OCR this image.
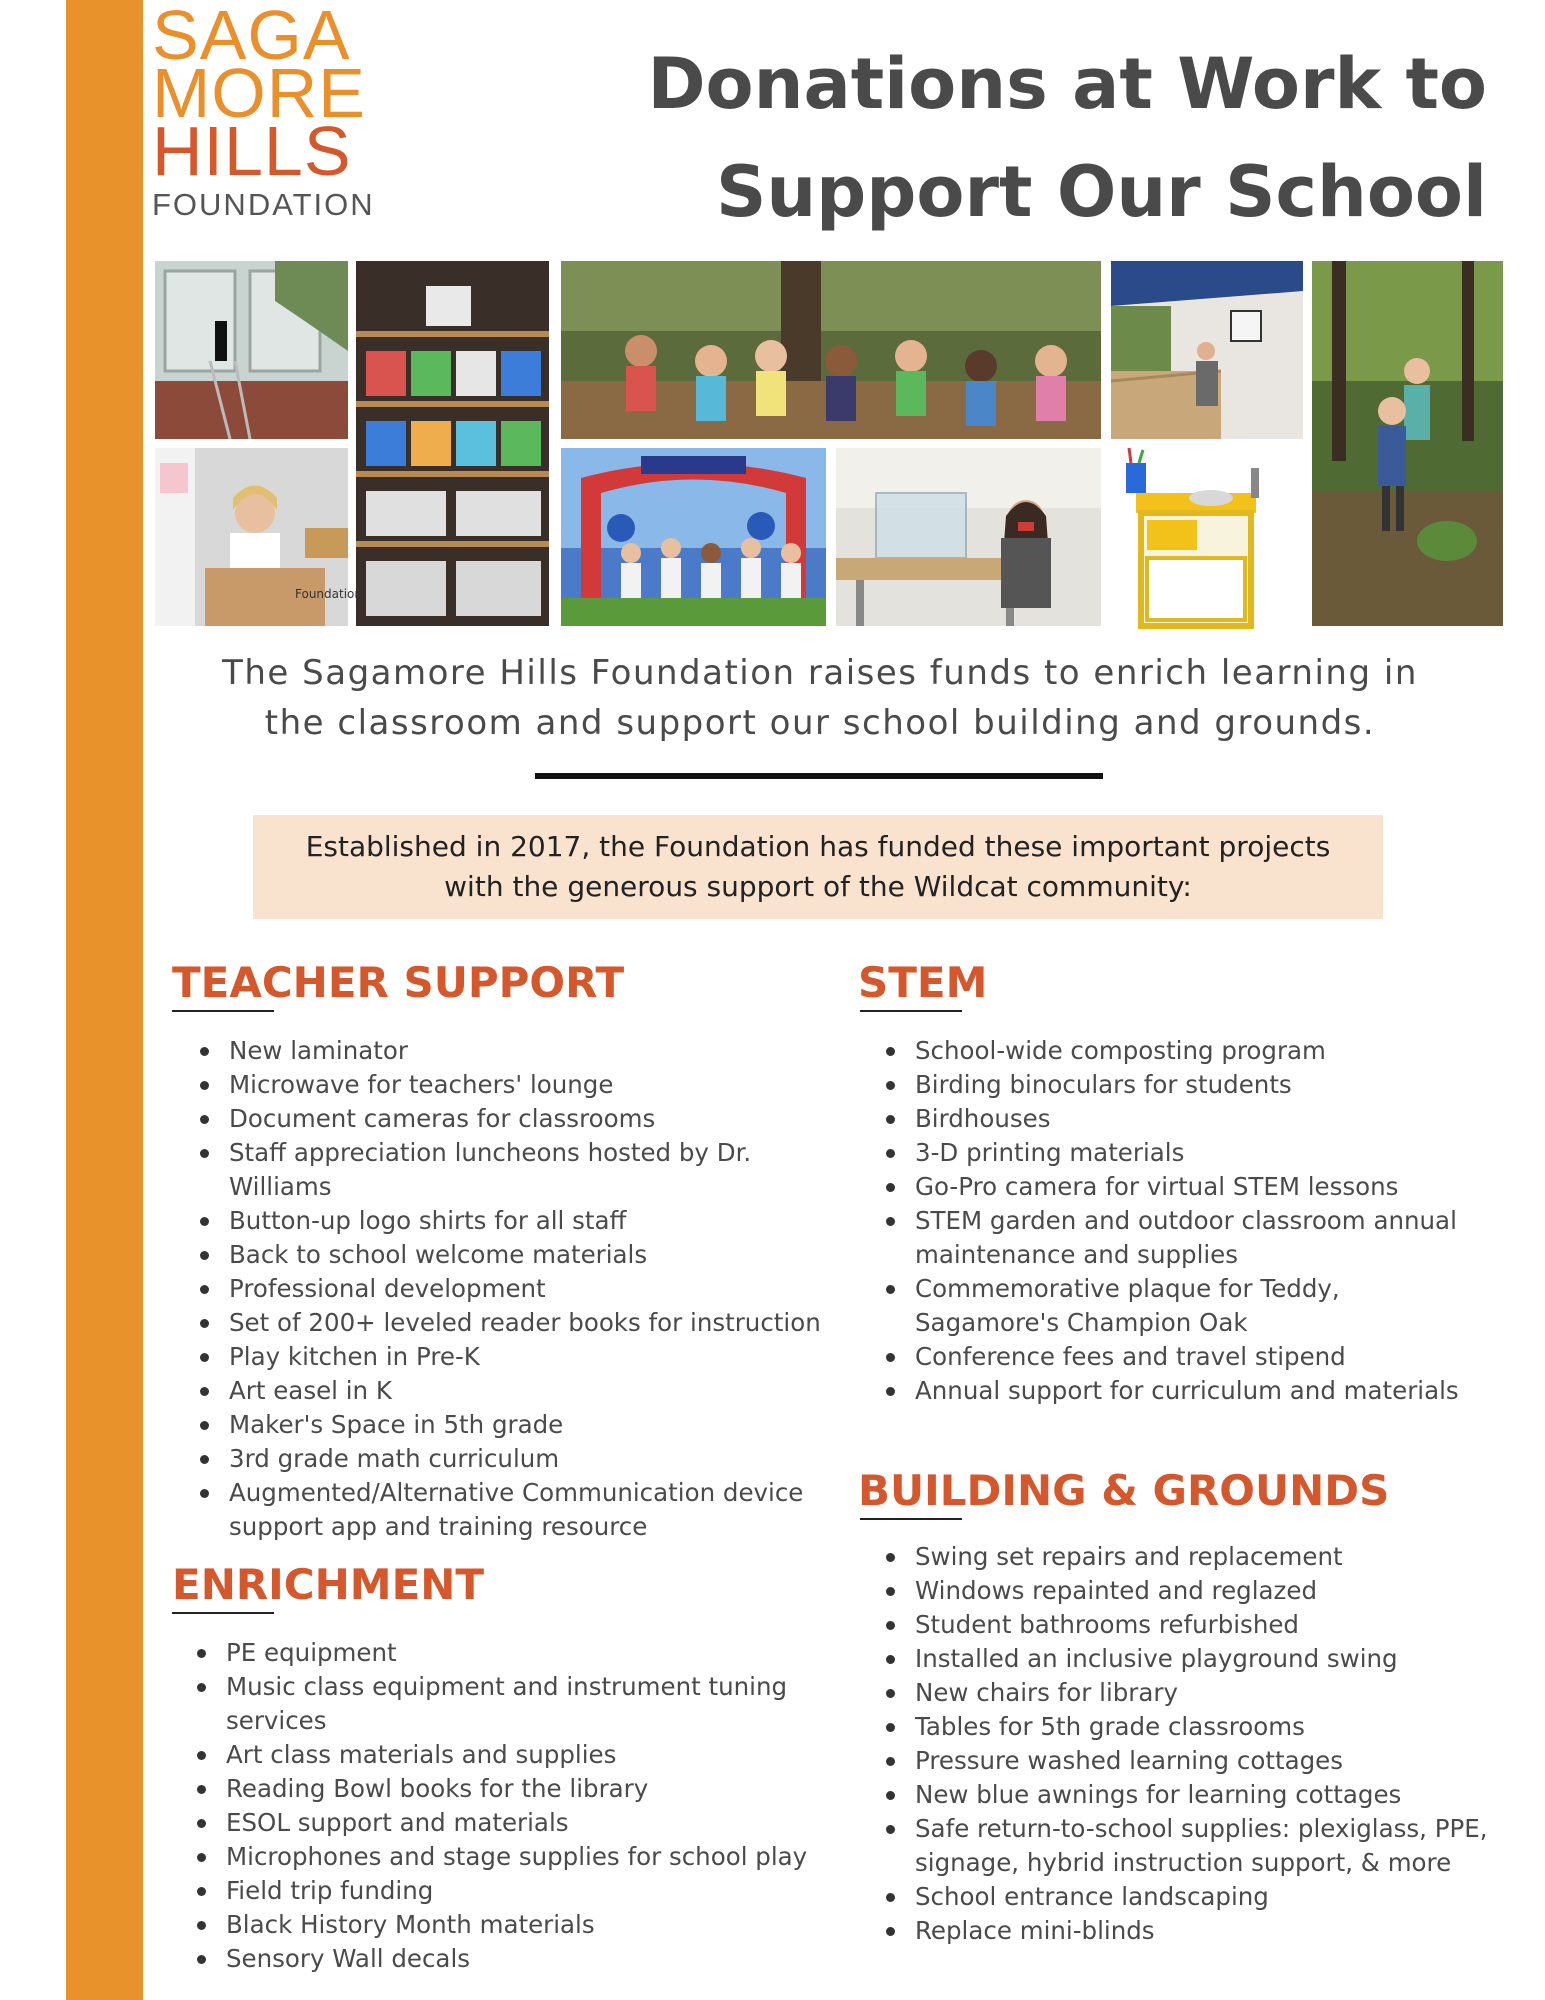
SAGA
MORE
HILLS
FOUNDATION
Donations at Work to
Support Our School
Foundation
The Sagamore Hills Foundation raises funds to enrich learning in
the classroom and support our school building and grounds.
Established in 2017, the Foundation has funded these important projects
with the generous support of the Wildcat community:
TEACHER SUPPORT
New laminator
Microwave for teachers' lounge
Document cameras for classrooms
Staff appreciation luncheons hosted by Dr. Williams
Button-up logo shirts for all staff
Back to school welcome materials
Professional development
Set of 200+ leveled reader books for instruction
Play kitchen in Pre-K
Art easel in K
Maker's Space in 5th grade
3rd grade math curriculum
Augmented/Alternative Communication device support app and training resource
ENRICHMENT
PE equipment
Music class equipment and instrument tuning services
Art class materials and supplies
Reading Bowl books for the library
ESOL support and materials
Microphones and stage supplies for school play
Field trip funding
Black History Month materials
Sensory Wall decals
STEM
School-wide composting program
Birding binoculars for students
Birdhouses
3-D printing materials
Go-Pro camera for virtual STEM lessons
STEM garden and outdoor classroom annual maintenance and supplies
Commemorative plaque for Teddy, Sagamore's Champion Oak
Conference fees and travel stipend
Annual support for curriculum and materials
BUILDING & GROUNDS
Swing set repairs and replacement
Windows repainted and reglazed
Student bathrooms refurbished
Installed an inclusive playground swing
New chairs for library
Tables for 5th grade classrooms
Pressure washed learning cottages
New blue awnings for learning cottages
Safe return-to-school supplies: plexiglass, PPE, signage, hybrid instruction support, & more
School entrance landscaping
Replace mini-blinds
